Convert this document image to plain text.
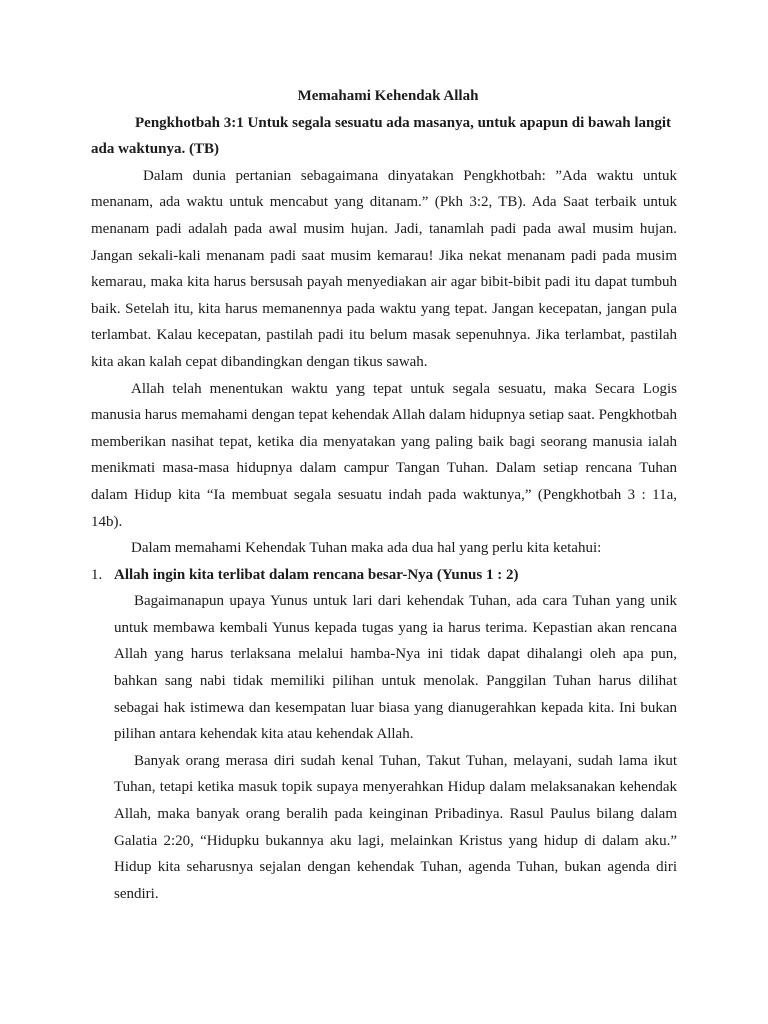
Memahami Kehendak Allah

Pengkhotbah 3:1 Untuk segala sesuatu ada masanya, untuk apapun di bawah langit ada waktunya. (TB)

Dalam dunia pertanian sebagaimana dinyatakan Pengkhotbah: ”Ada waktu untuk menanam, ada waktu untuk mencabut yang ditanam.” (Pkh 3:2, TB). Ada Saat terbaik untuk menanam padi adalah pada awal musim hujan. Jadi, tanamlah padi pada awal musim hujan. Jangan sekali-kali menanam padi saat musim kemarau! Jika nekat menanam padi pada musim kemarau, maka kita harus bersusah payah menyediakan air agar bibit-bibit padi itu dapat tumbuh baik. Setelah itu, kita harus memanennya pada waktu yang tepat. Jangan kecepatan, jangan pula terlambat. Kalau kecepatan, pastilah padi itu belum masak sepenuhnya. Jika terlambat, pastilah kita akan kalah cepat dibandingkan dengan tikus sawah.

Allah telah menentukan waktu yang tepat untuk segala sesuatu, maka Secara Logis manusia harus memahami dengan tepat kehendak Allah dalam hidupnya setiap saat. Pengkhotbah memberikan nasihat tepat, ketika dia menyatakan yang paling baik bagi seorang manusia ialah menikmati masa-masa hidupnya dalam campur Tangan Tuhan. Dalam setiap rencana Tuhan dalam Hidup kita “Ia membuat segala sesuatu indah pada waktunya,” (Pengkhotbah 3 : 11a, 14b).

Dalam memahami Kehendak Tuhan maka ada dua hal yang perlu kita ketahui:

1. Allah ingin kita terlibat dalam rencana besar-Nya (Yunus 1 : 2)

Bagaimanapun upaya Yunus untuk lari dari kehendak Tuhan, ada cara Tuhan yang unik untuk membawa kembali Yunus kepada tugas yang ia harus terima. Kepastian akan rencana Allah yang harus terlaksana melalui hamba-Nya ini tidak dapat dihalangi oleh apa pun, bahkan sang nabi tidak memiliki pilihan untuk menolak. Panggilan Tuhan harus dilihat sebagai hak istimewa dan kesempatan luar biasa yang dianugerahkan kepada kita. Ini bukan pilihan antara kehendak kita atau kehendak Allah.

Banyak orang merasa diri sudah kenal Tuhan, Takut Tuhan, melayani, sudah lama ikut Tuhan, tetapi ketika masuk topik supaya menyerahkan Hidup dalam melaksanakan kehendak Allah, maka banyak orang beralih pada keinginan Pribadinya. Rasul Paulus bilang dalam Galatia 2:20, “Hidupku bukannya aku lagi, melainkan Kristus yang hidup di dalam aku.” Hidup kita seharusnya sejalan dengan kehendak Tuhan, agenda Tuhan, bukan agenda diri sendiri.
